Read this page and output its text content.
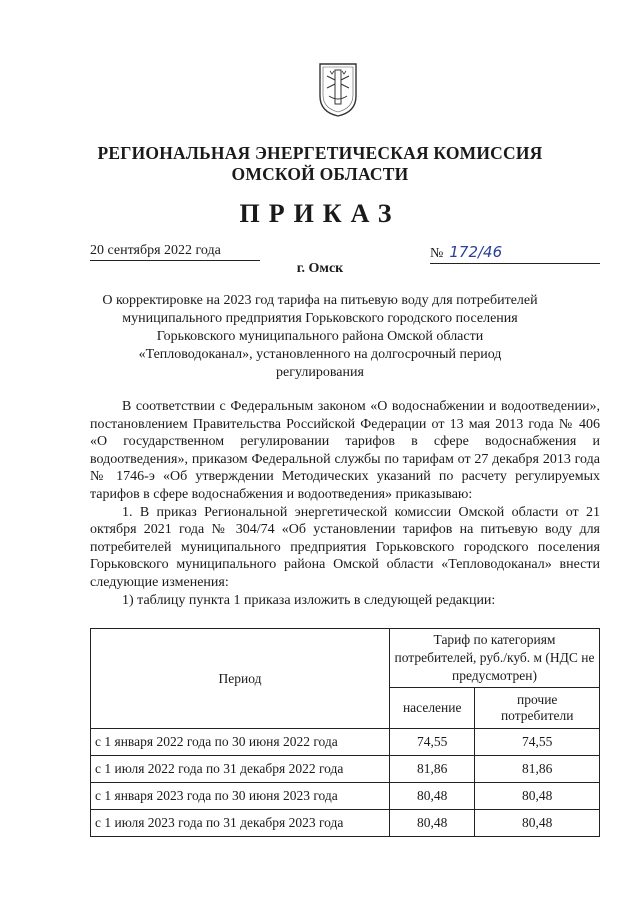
РЕГИОНАЛЬНАЯ ЭНЕРГЕТИЧЕСКАЯ КОМИССИЯ
ОМСКОЙ ОБЛАСТИ
ПРИКАЗ
20 сентября 2022 года	№ 172/46
г. Омск
О корректировке на 2023 год тарифа на питьевую воду для потребителей муниципального предприятия Горьковского городского поселения Горьковского муниципального района Омской области «Тепловодоканал», установленного на долгосрочный период регулирования

В соответствии с Федеральным законом «О водоснабжении и водоотведении», постановлением Правительства Российской Федерации от 13 мая 2013 года № 406 «О государственном регулировании тарифов в сфере водоснабжения и водоотведения», приказом Федеральной службы по тарифам от 27 декабря 2013 года № 1746-э «Об утверждении Методических указаний по расчету регулируемых тарифов в сфере водоснабжения и водоотведения» приказываю:

1. В приказ Региональной энергетической комиссии Омской области от 21 октября 2021 года № 304/74 «Об установлении тарифов на питьевую воду для потребителей муниципального предприятия Горьковского городского поселения Горьковского муниципального района Омской области «Тепловодоканал» внести следующие изменения:

1) таблицу пункта 1 приказа изложить в следующей редакции:

Период	Тариф по категориям потребителей, руб./куб. м (НДС не предусмотрен)	
	население	прочие потребители
с 1 января 2022 года по 30 июня 2022 года	74,55	74,55
с 1 июля 2022 года по 31 декабря 2022 года	81,86	81,86
с 1 января 2023 года по 30 июня 2023 года	80,48	80,48
с 1 июля 2023 года по 31 декабря 2023 года	80,48	80,48
